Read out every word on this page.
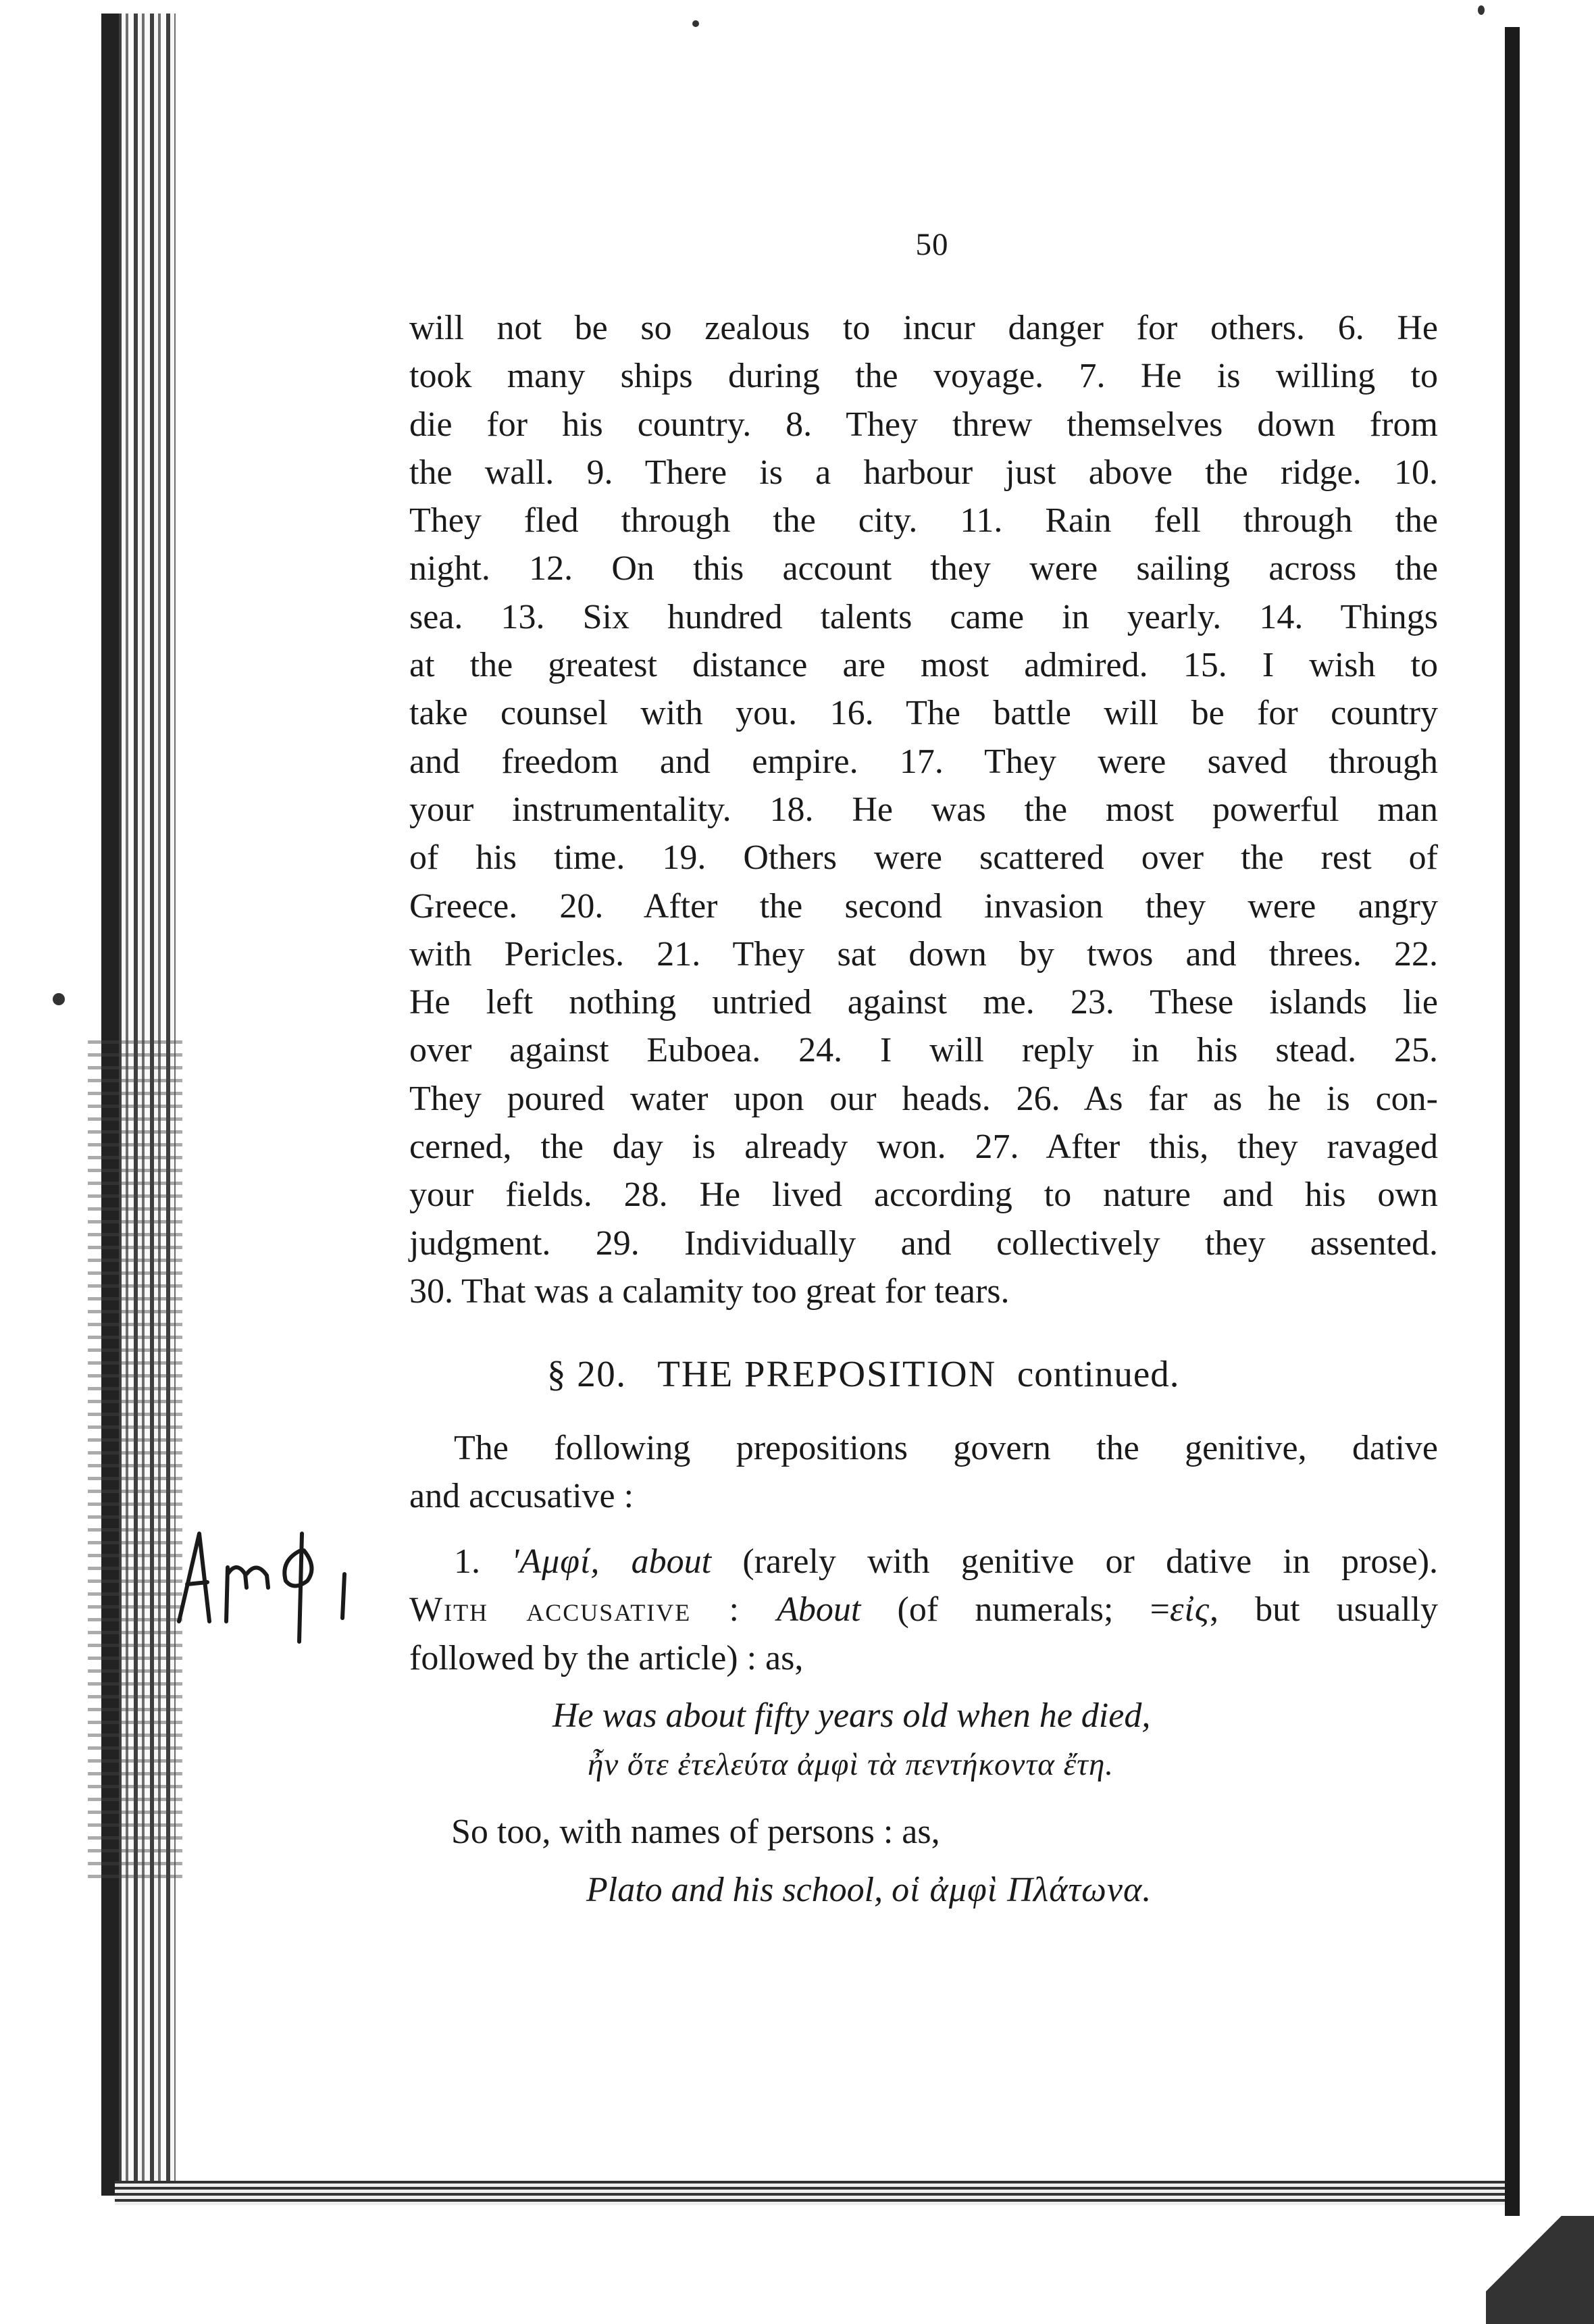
50
will not be so zealous to incur danger for others. 6. He
took many ships during the voyage. 7. He is willing to
die for his country. 8. They threw themselves down from
the wall. 9. There is a harbour just above the ridge. 10.
They fled through the city. 11. Rain fell through the
night. 12. On this account they were sailing across the
sea. 13. Six hundred talents came in yearly. 14. Things
at the greatest distance are most admired. 15. I wish to
take counsel with you. 16. The battle will be for country
and freedom and empire. 17. They were saved through
your instrumentality. 18. He was the most powerful man
of his time. 19. Others were scattered over the rest of
Greece. 20. After the second invasion they were angry
with Pericles. 21. They sat down by twos and threes. 22.
He left nothing untried against me. 23. These islands lie
over against Euboea. 24. I will reply in his stead. 25.
They poured water upon our heads. 26. As far as he is con-
cerned, the day is already won. 27. After this, they ravaged
your fields. 28. He lived according to nature and his own
judgment. 29. Individually and collectively they assented.
30. That was a calamity too great for tears.
§ 20. THE PREPOSITION continued.
The following prepositions govern the genitive, dative
and accusative :
1. 'Αμφί, about (rarely with genitive or dative in prose).
With accusative : About (of numerals; =εἰς, but usually
followed by the article) : as,
He was about fifty years old when he died,
ἦν ὅτε ἐτελεύτα ἀμφὶ τὰ πεντήκοντα ἔτη.
So too, with names of persons : as,
Plato and his school, οἱ ἀμφὶ Πλάτωνα.
